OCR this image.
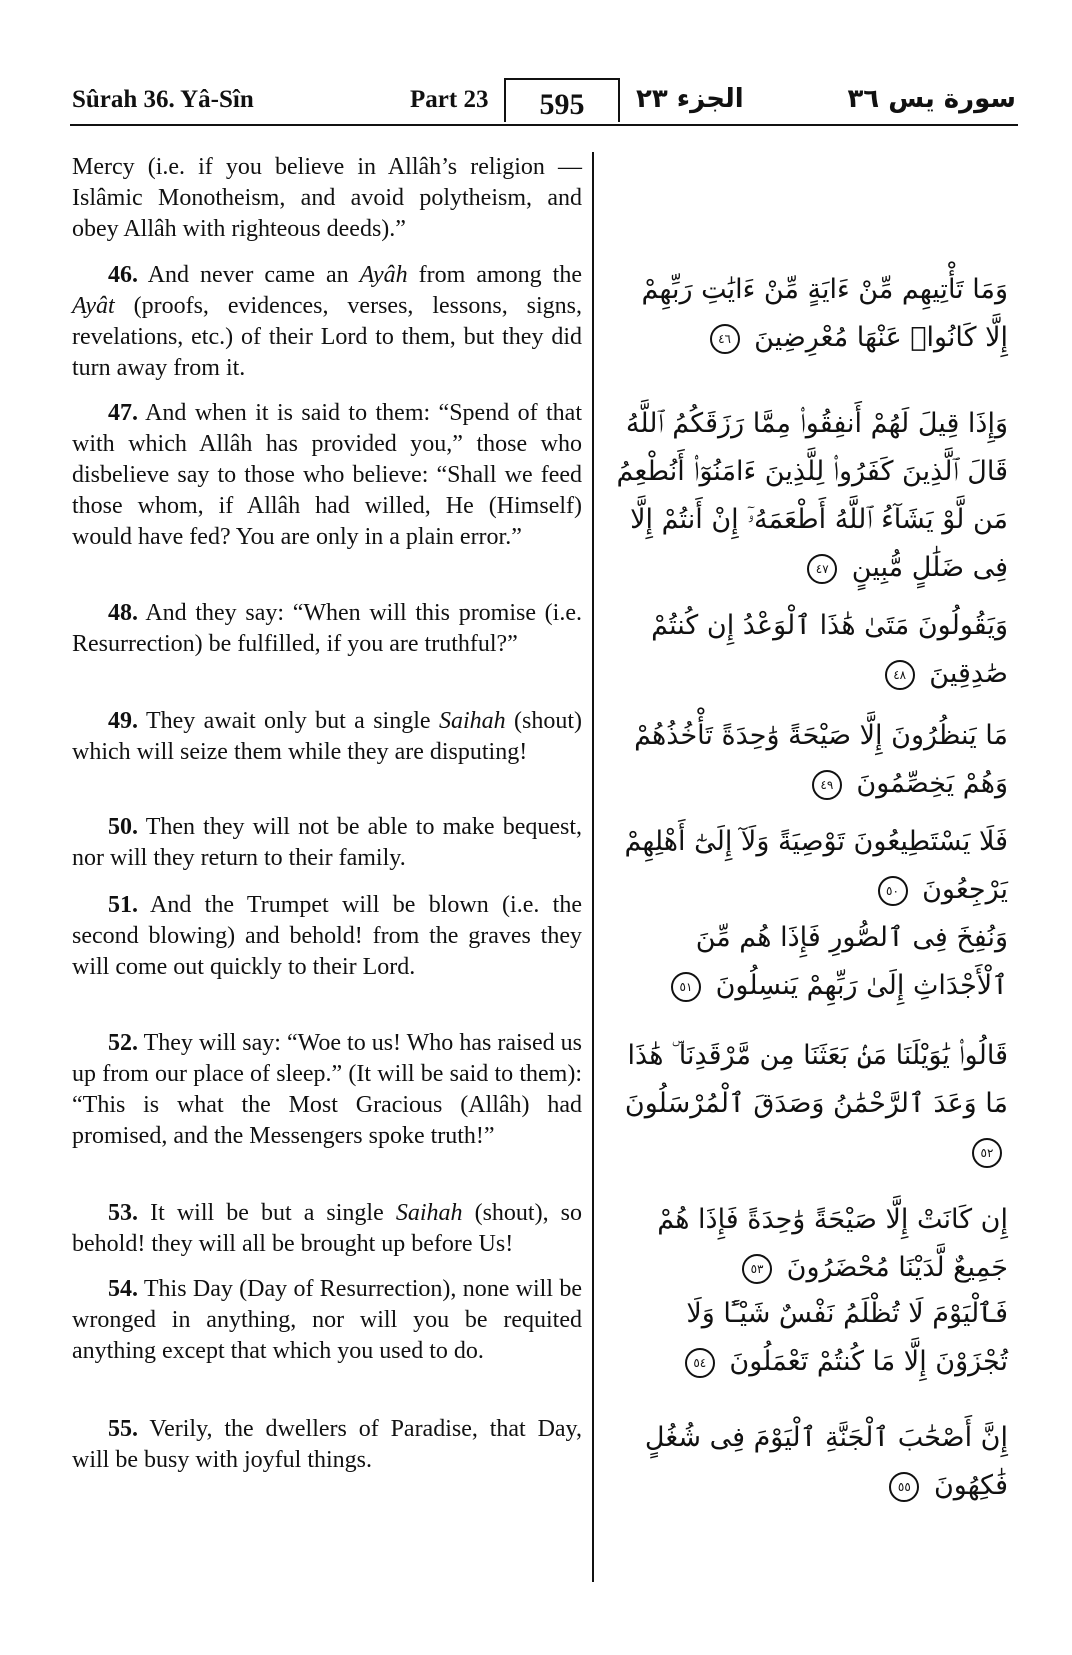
Sûrah 36. Yâ-Sîn	Part 23	595	الجزء ٢٣	سورة يس ٣٦

Mercy (i.e. if you believe in Allâh’s religion — Islâmic Monotheism, and avoid polytheism, and obey Allâh with righteous deeds).”

46. And never came an Ayâh from among the Ayât (proofs, evidences, verses, lessons, signs, revelations, etc.) of their Lord to them, but they did turn away from it.

47. And when it is said to them: “Spend of that with which Allâh has provided you,” those who disbelieve say to those who believe: “Shall we feed those whom, if Allâh had willed, He (Himself) would have fed? You are only in a plain error.”

48. And they say: “When will this promise (i.e. Resurrection) be fulfilled, if you are truthful?”

49. They await only but a single Saihah (shout) which will seize them while they are disputing!

50. Then they will not be able to make bequest, nor will they return to their family.

51. And the Trumpet will be blown (i.e. the second blowing) and behold! from the graves they will come out quickly to their Lord.

52. They will say: “Woe to us! Who has raised us up from our place of sleep.” (It will be said to them): “This is what the Most Gracious (Allâh) had promised, and the Messengers spoke truth!”

53. It will be but a single Saihah (shout), so behold! they will all be brought up before Us!

54. This Day (Day of Resurrection), none will be wronged in anything, nor will you be requited anything except that which you used to do.

55. Verily, the dwellers of Paradise, that Day, will be busy with joyful things.

وَمَا تَأْتِيهِم مِّنْ ءَايَةٍ مِّنْ ءَايَٰتِ رَبِّهِمْ إِلَّا كَانُوا۟ عَنْهَا مُعْرِضِينَ ٤٦
وَإِذَا قِيلَ لَهُمْ أَنفِقُوا۟ مِمَّا رَزَقَكُمُ ٱللَّهُ قَالَ ٱلَّذِينَ كَفَرُوا۟ لِلَّذِينَ ءَامَنُوٓا۟ أَنُطْعِمُ مَن لَّوْ يَشَآءُ ٱللَّهُ أَطْعَمَهُۥٓ إِنْ أَنتُمْ إِلَّا فِى ضَلَٰلٍ مُّبِينٍ ٤٧
وَيَقُولُونَ مَتَىٰ هَٰذَا ٱلْوَعْدُ إِن كُنتُمْ صَٰدِقِينَ ٤٨
مَا يَنظُرُونَ إِلَّا صَيْحَةً وَٰحِدَةً تَأْخُذُهُمْ وَهُمْ يَخِصِّمُونَ ٤٩
فَلَا يَسْتَطِيعُونَ تَوْصِيَةً وَلَآ إِلَىٰٓ أَهْلِهِمْ يَرْجِعُونَ ٥٠
وَنُفِخَ فِى ٱلصُّورِ فَإِذَا هُم مِّنَ ٱلْأَجْدَاثِ إِلَىٰ رَبِّهِمْ يَنسِلُونَ ٥١
قَالُوا۟ يَٰوَيْلَنَا مَنۢ بَعَثَنَا مِن مَّرْقَدِنَا ۜ هَٰذَا مَا وَعَدَ ٱلرَّحْمَٰنُ وَصَدَقَ ٱلْمُرْسَلُونَ ٥٢
إِن كَانَتْ إِلَّا صَيْحَةً وَٰحِدَةً فَإِذَا هُمْ جَمِيعٌ لَّدَيْنَا مُحْضَرُونَ ٥٣
فَٱلْيَوْمَ لَا تُظْلَمُ نَفْسٌ شَيْـًٔا وَلَا تُجْزَوْنَ إِلَّا مَا كُنتُمْ تَعْمَلُونَ ٥٤
إِنَّ أَصْحَٰبَ ٱلْجَنَّةِ ٱلْيَوْمَ فِى شُغُلٍ فَٰكِهُونَ ٥٥
